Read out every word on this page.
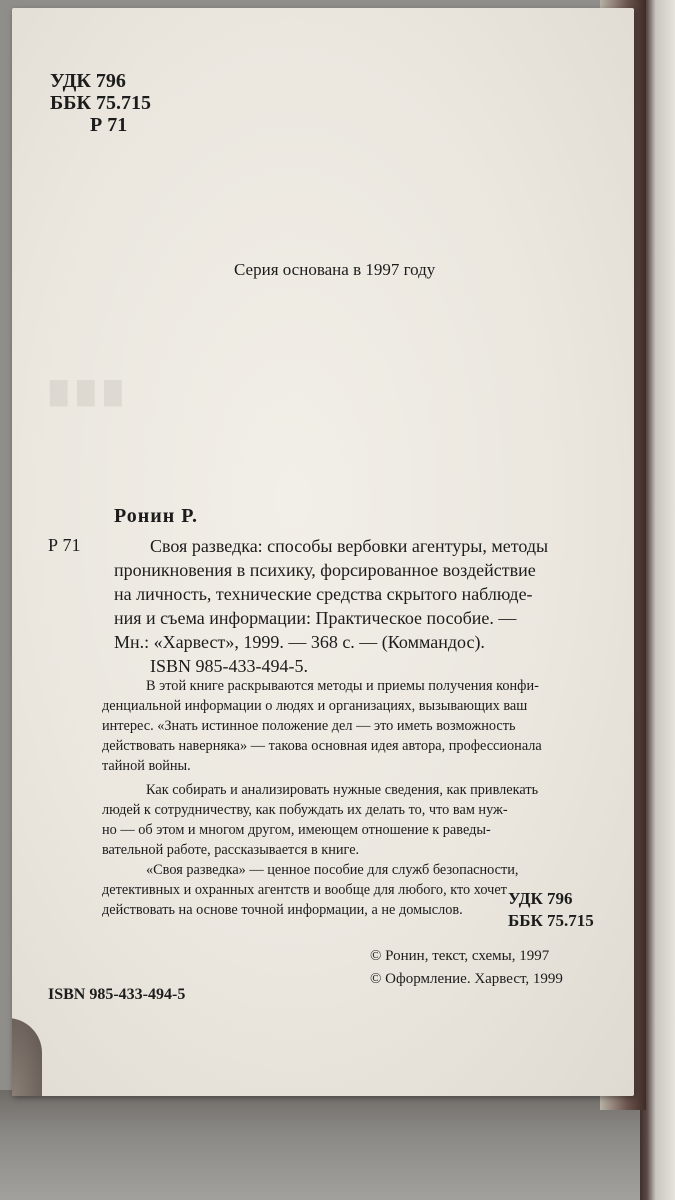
ⵈ
УДК 796
ББК 75.715
Р 71
Серия основана в 1997 году
Ронин Р.
Р 71	Своя разведка: способы вербовки агентуры, методы
проникновения в психику, форсированное воздействие
на личность, технические средства скрытого наблюде-
ния и съема информации: Практическое пособие. —
Мн.: «Харвест», 1999. — 368 с. — (Коммандос).
ISBN 985-433-494-5.
В этой книге раскрываются методы и приемы получения конфи-
денциальной информации о людях и организациях, вызывающих ваш
интерес. «Знать истинное положение дел — это иметь возможность
действовать наверняка» — такова основная идея автора, профессионала
тайной войны.
Как собирать и анализировать нужные сведения, как привлекать
людей к сотрудничеству, как побуждать их делать то, что вам нуж-
но — об этом и многом другом, имеющем отношение к раведы-
вательной работе, рассказывается в книге.
«Своя разведка» — ценное пособие для служб безопасности,
детективных и охранных агентств и вообще для любого, кто хочет
действовать на основе точной информации, а не домыслов.
УДК 796
ББК 75.715
© Ронин, текст, схемы, 1997
© Оформление. Харвест, 1999
ISBN 985-433-494-5
